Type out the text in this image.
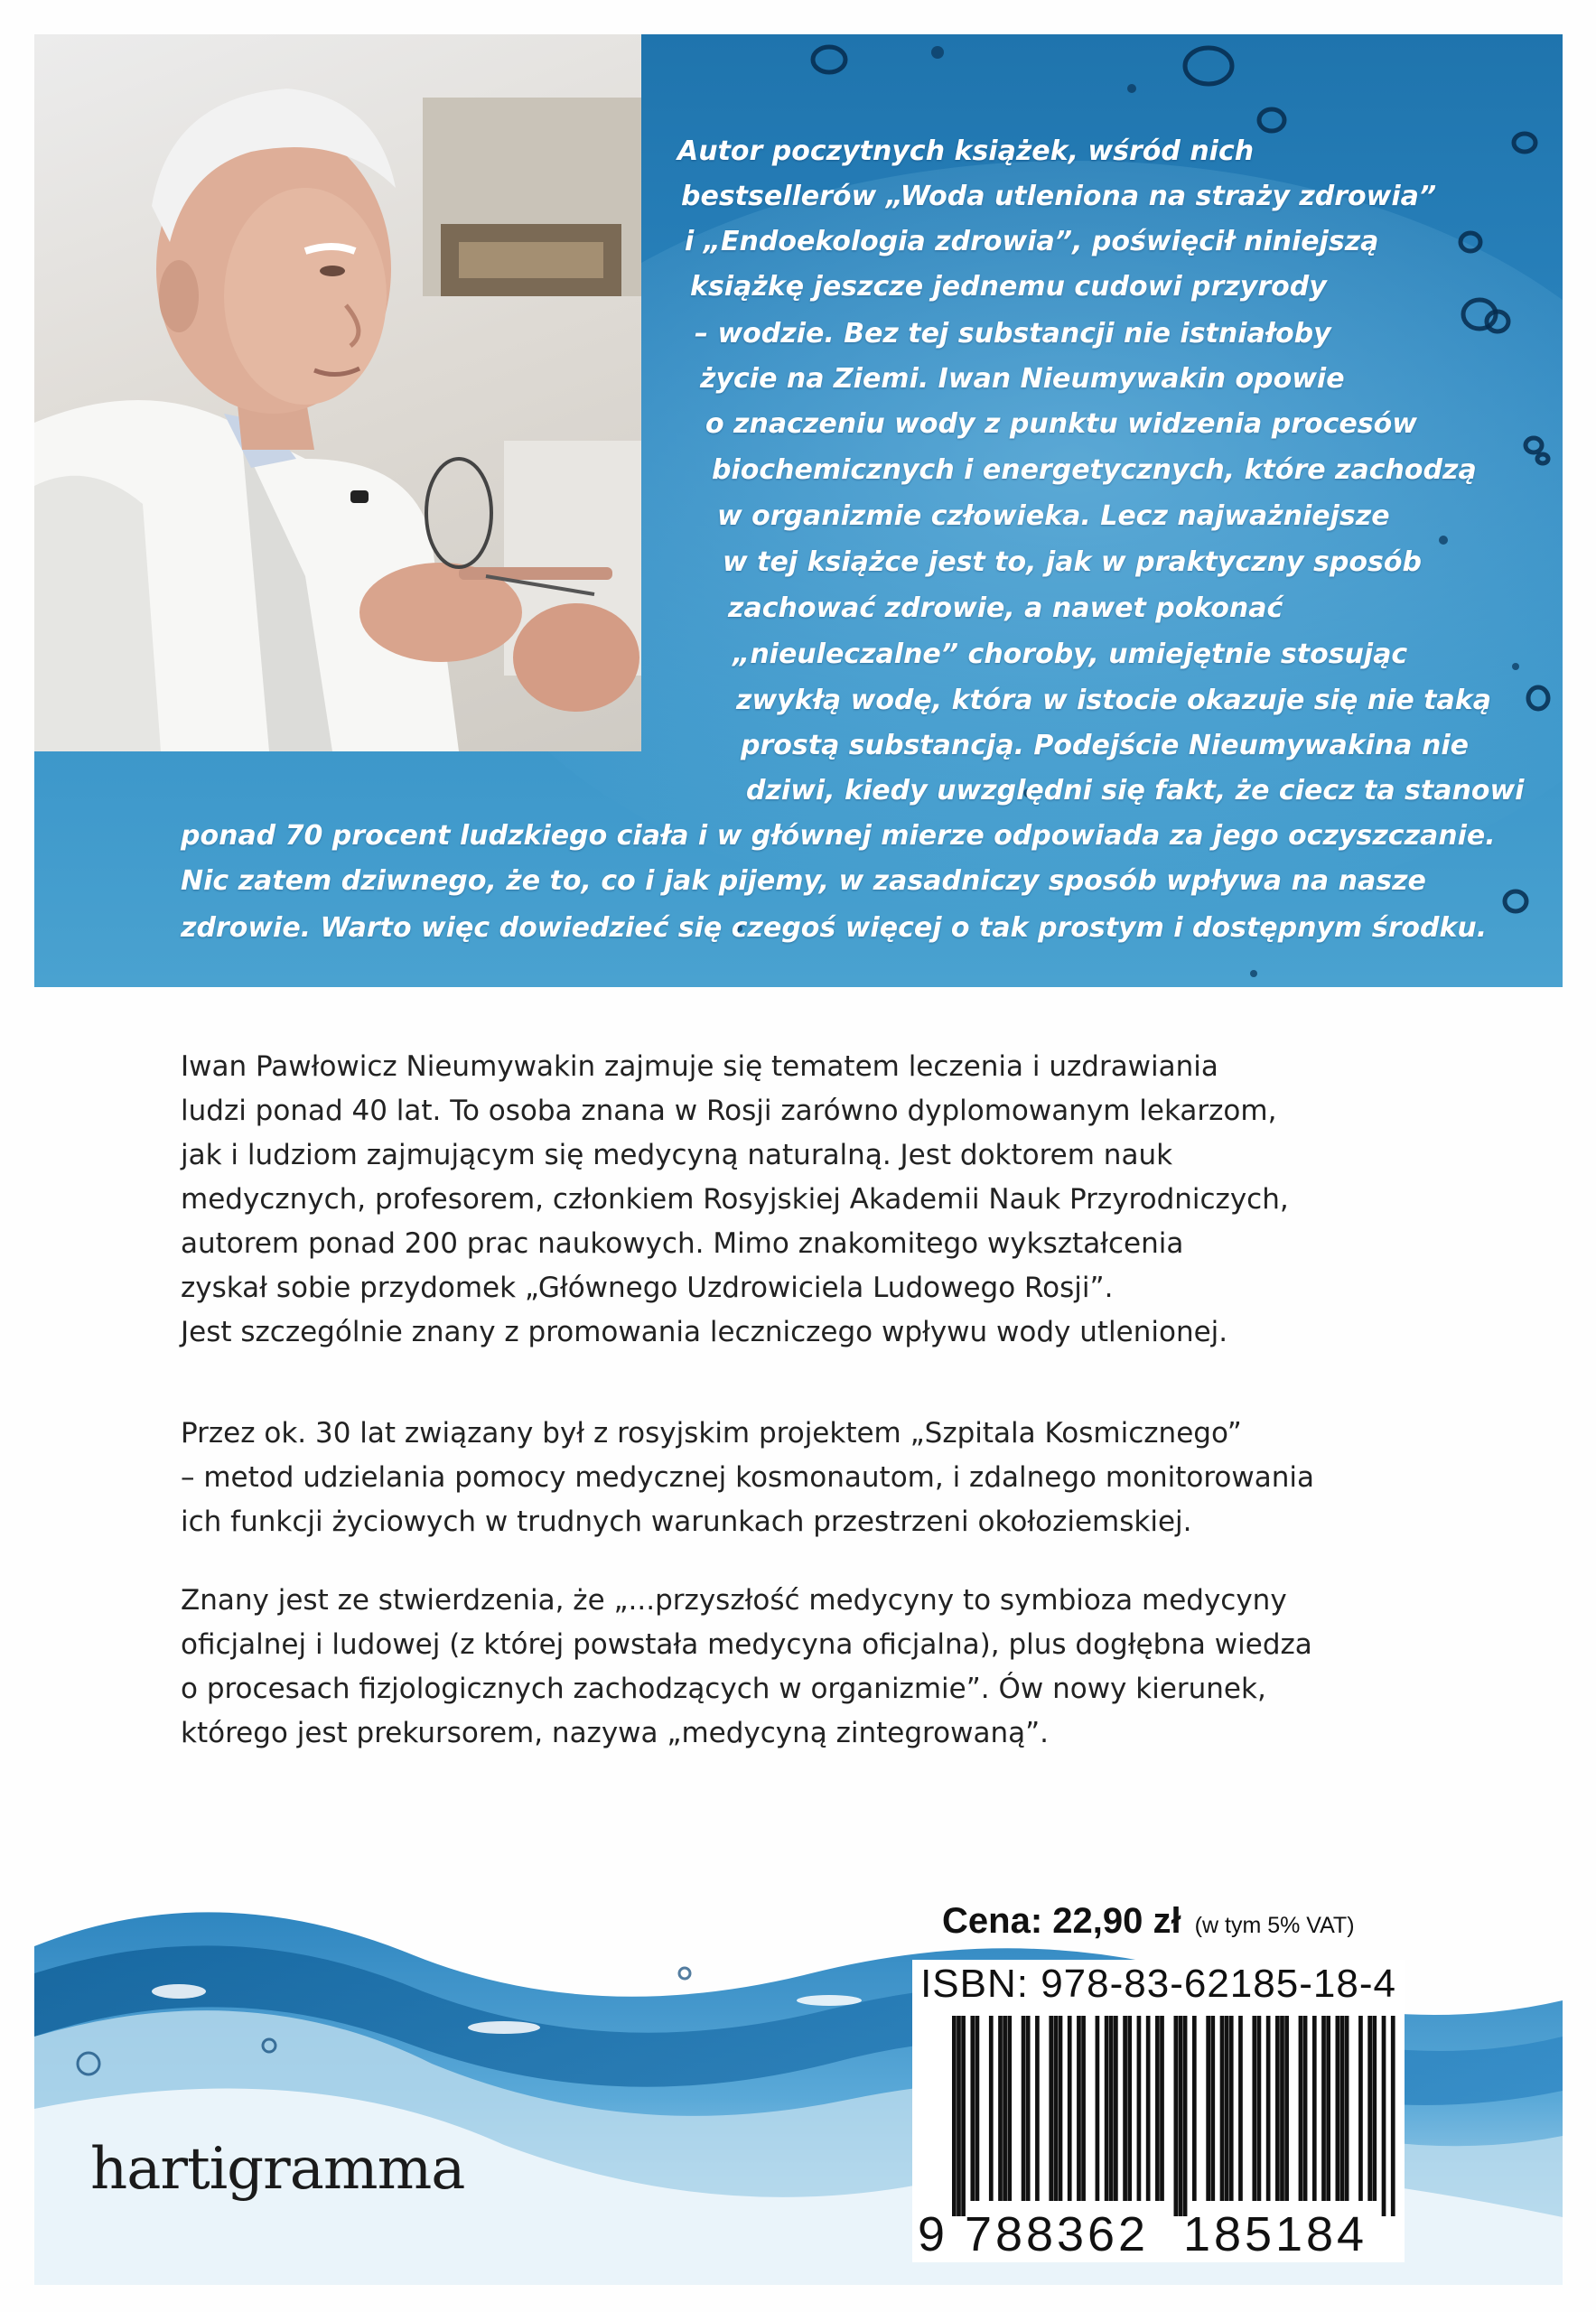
Autor poczytnych książek, wśród nich

bestsellerów „Woda utleniona na straży zdrowia”

i „Endoekologia zdrowia”, poświęcił niniejszą

książkę jeszcze jednemu cudowi przyrody

– wodzie. Bez tej substancji nie istniałoby

życie na Ziemi. Iwan Nieumywakin opowie

o znaczeniu wody z punktu widzenia procesów

biochemicznych i energetycznych, które zachodzą

w organizmie człowieka. Lecz najważniejsze

w tej książce jest to, jak w praktyczny sposób

zachować zdrowie, a nawet pokonać

„nieuleczalne” choroby, umiejętnie stosując

zwykłą wodę, która w istocie okazuje się nie taką

prostą substancją. Podejście Nieumywakina nie

dziwi, kiedy uwzględni się fakt, że ciecz ta stanowi

ponad 70 procent ludzkiego ciała i w głównej mierze odpowiada za jego oczyszczanie.

Nic zatem dziwnego, że to, co i jak pijemy, w zasadniczy sposób wpływa na nasze

zdrowie. Warto więc dowiedzieć się czegoś więcej o tak prostym i dostępnym środku.

Iwan Pawłowicz Nieumywakin zajmuje się tematem leczenia i uzdrawiania

ludzi ponad 40 lat. To osoba znana w Rosji zarówno dyplomowanym lekarzom,

jak i ludziom zajmującym się medycyną naturalną. Jest doktorem nauk

medycznych, profesorem, członkiem Rosyjskiej Akademii Nauk Przyrodniczych,

autorem ponad 200 prac naukowych. Mimo znakomitego wykształcenia

zyskał sobie przydomek „Głównego Uzdrowiciela Ludowego Rosji”.

Jest szczególnie znany z promowania leczniczego wpływu wody utlenionej.

Przez ok. 30 lat związany był z rosyjskim projektem „Szpitala Kosmicznego”

– metod udzielania pomocy medycznej kosmonautom, i zdalnego monitorowania

ich funkcji życiowych w trudnych warunkach przestrzeni okołoziemskiej.

Znany jest ze stwierdzenia, że „...przyszłość medycyny to symbioza medycyny

oficjalnej i ludowej (z której powstała medycyna oficjalna), plus dogłębna wiedza

o procesach fizjologicznych zachodzących w organizmie”. Ów nowy kierunek,

którego jest prekursorem, nazywa „medycyną zintegrowaną”.

hartigramma
Cena: 22,90 zł (w tym 5% VAT)
ISBN: 978-83-62185-18-4
9 788362 185184
